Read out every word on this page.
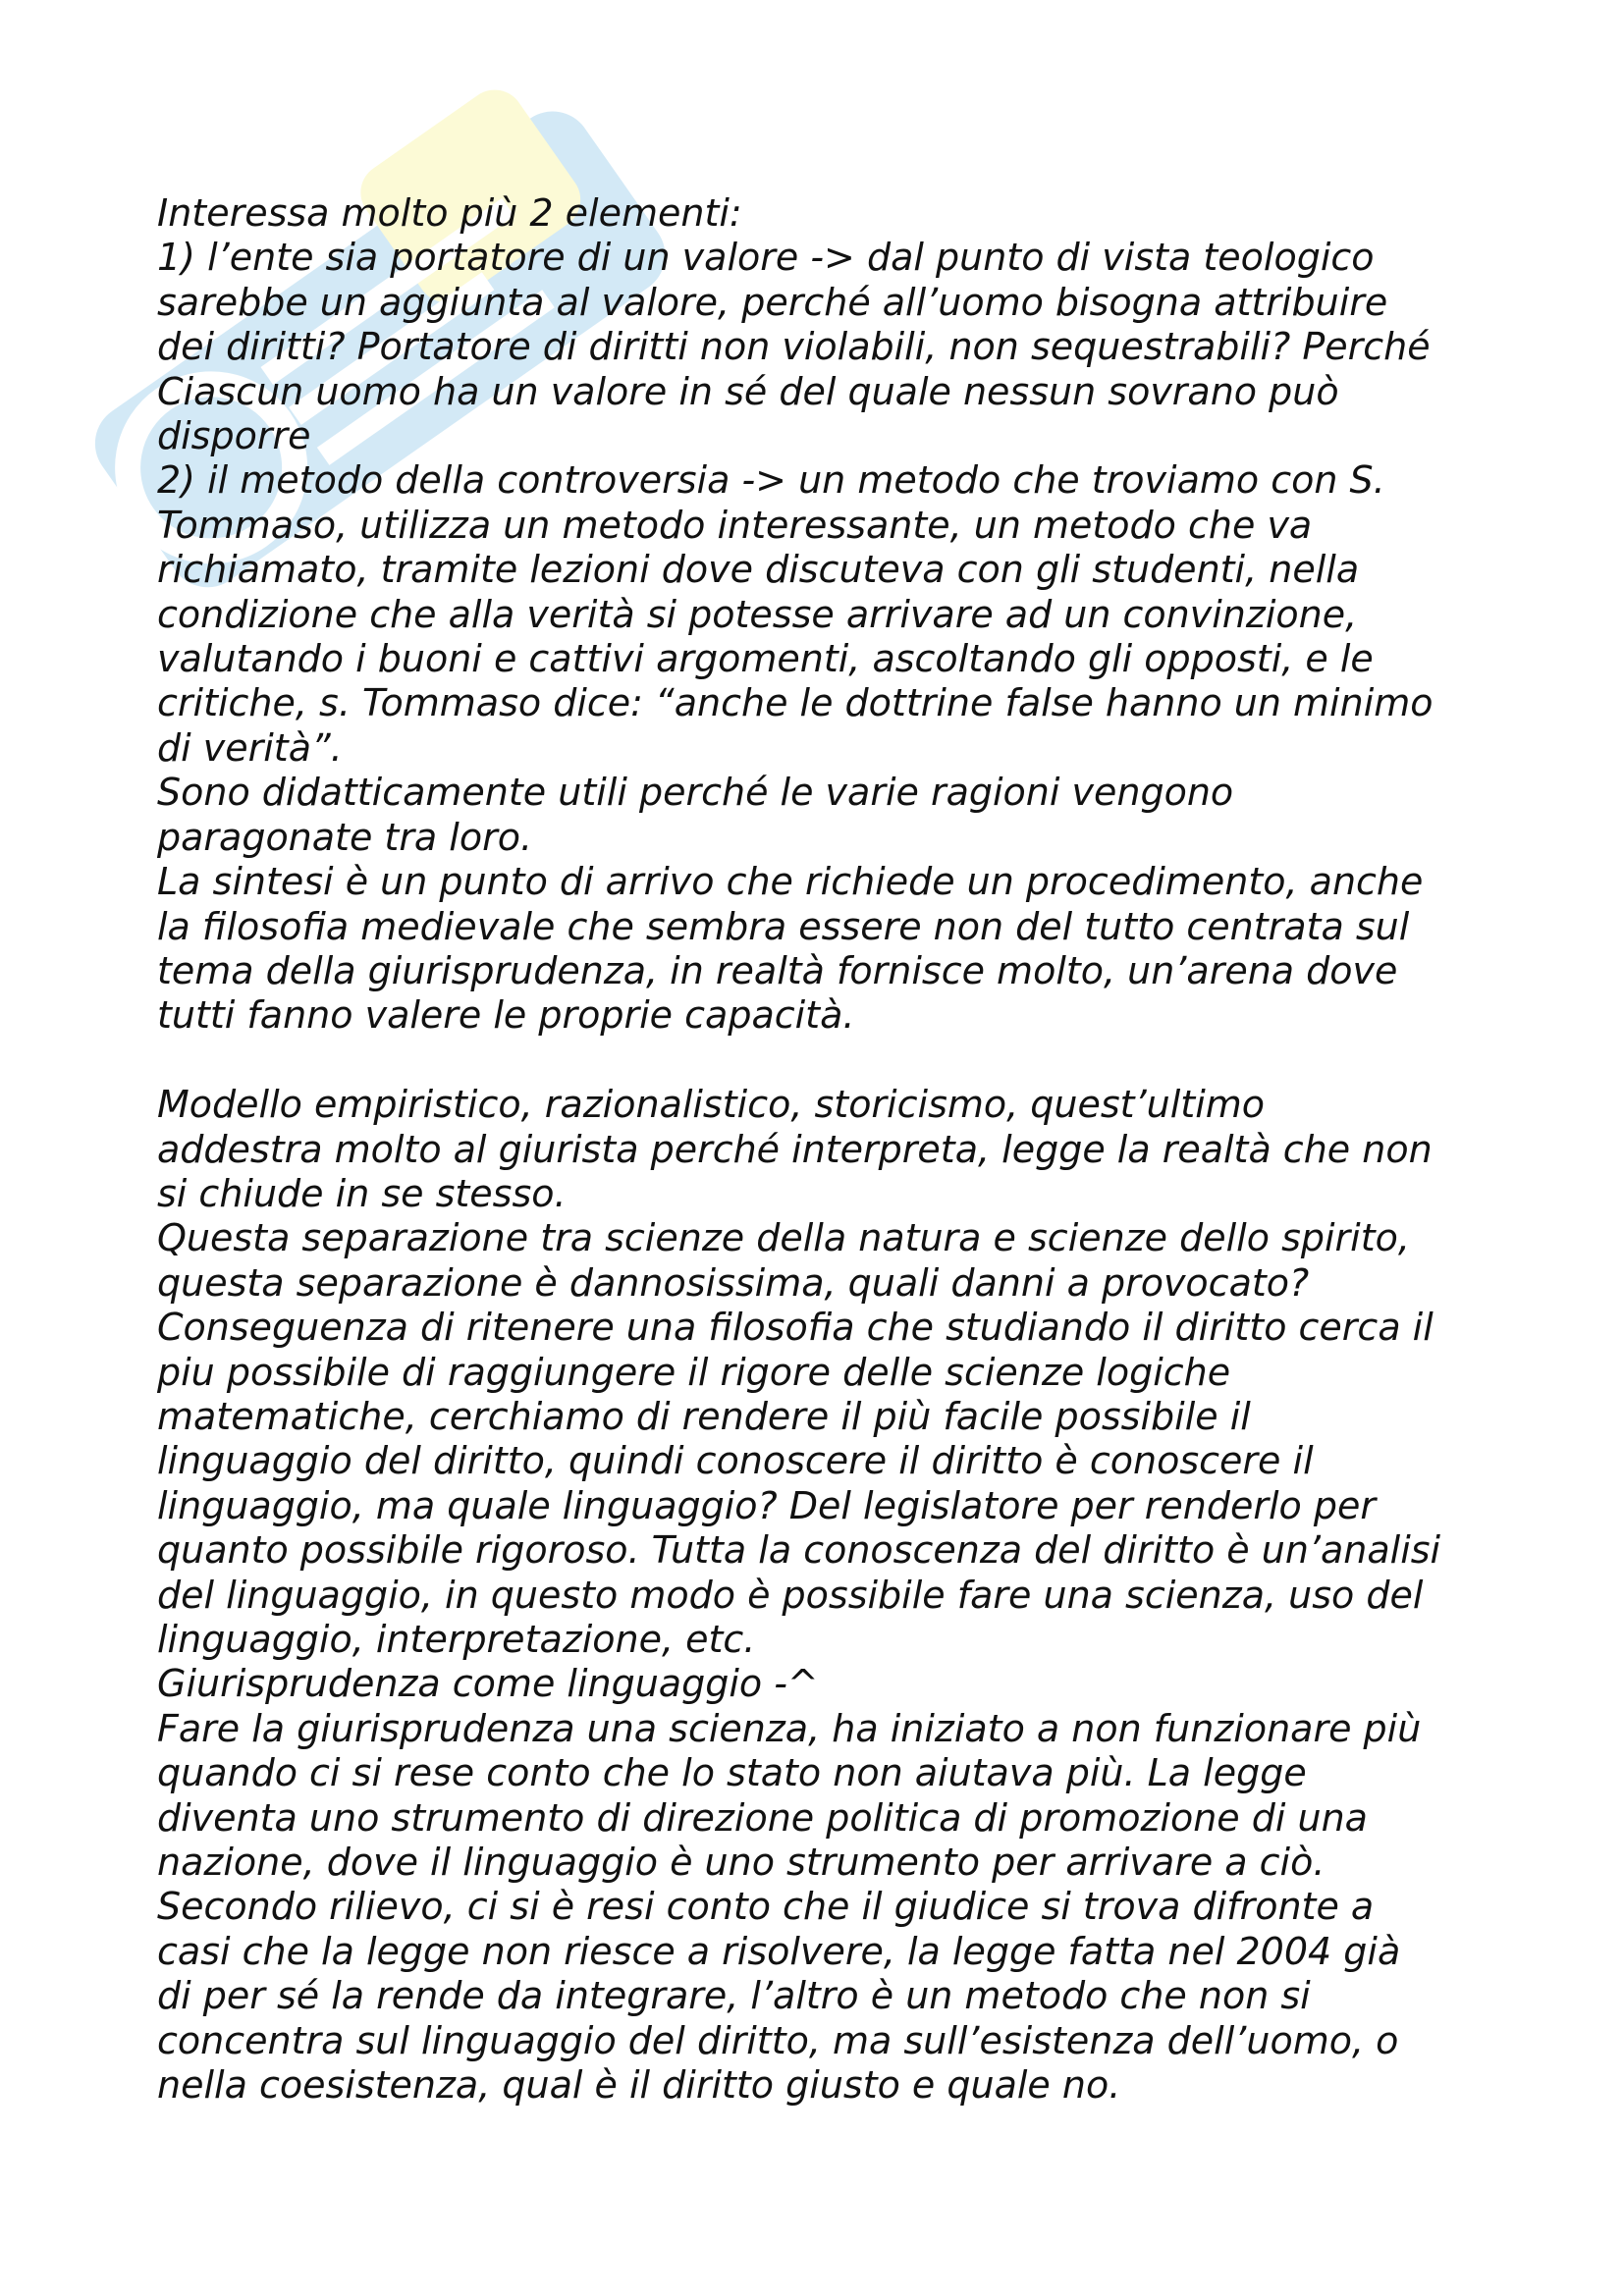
Interessa molto più 2 elementi:
1) l’ente sia portatore di un valore -> dal punto di vista teologico
sarebbe un aggiunta al valore, perché all’uomo bisogna attribuire
dei diritti? Portatore di diritti non violabili, non sequestrabili? Perché
Ciascun uomo ha un valore in sé del quale nessun sovrano può
disporre
2) il metodo della controversia -> un metodo che troviamo con S.
Tommaso, utilizza un metodo interessante, un metodo che va
richiamato, tramite lezioni dove discuteva con gli studenti, nella
condizione che alla verità si potesse arrivare ad un convinzione,
valutando i buoni e cattivi argomenti, ascoltando gli opposti, e le
critiche, s. Tommaso dice: “anche le dottrine false hanno un minimo
di verità”.
Sono didatticamente utili perché le varie ragioni vengono
paragonate tra loro.
La sintesi è un punto di arrivo che richiede un procedimento, anche
la filosofia medievale che sembra essere non del tutto centrata sul
tema della giurisprudenza, in realtà fornisce molto, un’arena dove
tutti fanno valere le proprie capacità.

Modello empiristico, razionalistico, storicismo, quest’ultimo
addestra molto al giurista perché interpreta, legge la realtà che non
si chiude in se stesso.
Questa separazione tra scienze della natura e scienze dello spirito,
questa separazione è dannosissima, quali danni a provocato?
Conseguenza di ritenere una filosofia che studiando il diritto cerca il
piu possibile di raggiungere il rigore delle scienze logiche
matematiche, cerchiamo di rendere il più facile possibile il
linguaggio del diritto, quindi conoscere il diritto è conoscere il
linguaggio, ma quale linguaggio? Del legislatore per renderlo per
quanto possibile rigoroso. Tutta la conoscenza del diritto è un’analisi
del linguaggio, in questo modo è possibile fare una scienza, uso del
linguaggio, interpretazione, etc.
Giurisprudenza come linguaggio -^
Fare la giurisprudenza una scienza, ha iniziato a non funzionare più
quando ci si rese conto che lo stato non aiutava più. La legge
diventa uno strumento di direzione politica di promozione di una
nazione, dove il linguaggio è uno strumento per arrivare a ciò.
Secondo rilievo, ci si è resi conto che il giudice si trova difronte a
casi che la legge non riesce a risolvere, la legge fatta nel 2004 già
di per sé la rende da integrare, l’altro è un metodo che non si
concentra sul linguaggio del diritto, ma sull’esistenza dell’uomo, o
nella coesistenza, qual è il diritto giusto e quale no.
